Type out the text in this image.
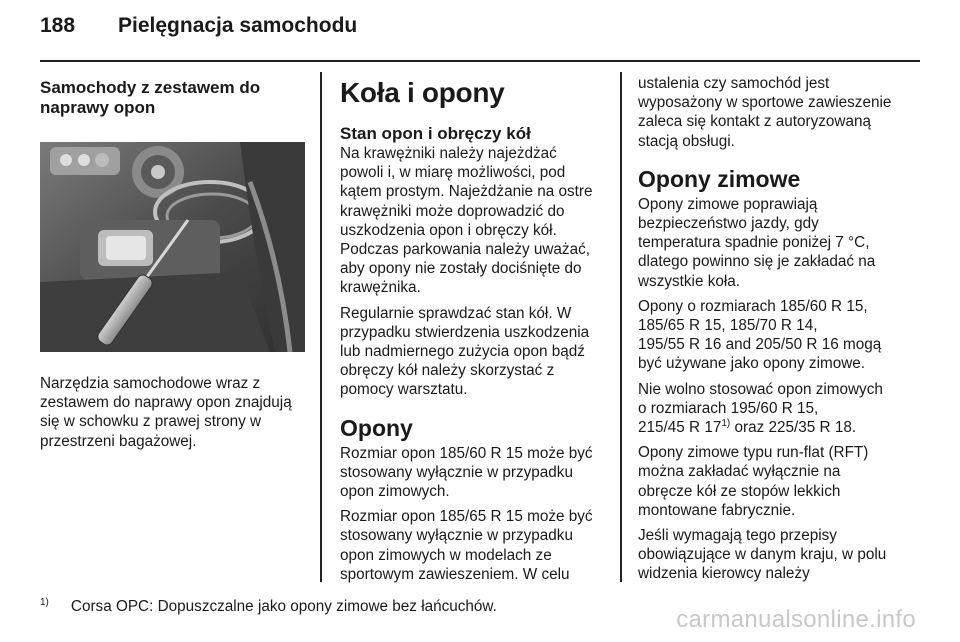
188	Pielęgnacja samochodu
Samochody z zestawem do
naprawy opon

Narzędzia samochodowe wraz z
zestawem do naprawy opon znajdują
się w schowku z prawej strony w
przestrzeni bagażowej.

Koła i opony
Stan opon i obręczy kół

Na krawężniki należy najeżdżać
powoli i, w miarę możliwości, pod
kątem prostym. Najeżdżanie na ostre
krawężniki może doprowadzić do
uszkodzenia opon i obręczy kół.
Podczas parkowania należy uważać,
aby opony nie zostały dociśnięte do
krawężnika.

Regularnie sprawdzać stan kół. W
przypadku stwierdzenia uszkodzenia
lub nadmiernego zużycia opon bądź
obręczy kół należy skorzystać z
pomocy warsztatu.

Opony

Rozmiar opon 185/60 R 15 może być
stosowany wyłącznie w przypadku
opon zimowych.

Rozmiar opon 185/65 R 15 może być
stosowany wyłącznie w przypadku
opon zimowych w modelach ze
sportowym zawieszeniem. W celu

ustalenia czy samochód jest
wyposażony w sportowe zawieszenie
zaleca się kontakt z autoryzowaną
stacją obsługi.

Opony zimowe

Opony zimowe poprawiają
bezpieczeństwo jazdy, gdy
temperatura spadnie poniżej 7 °C,
dlatego powinno się je zakładać na
wszystkie koła.

Opony o rozmiarach 185/60 R 15,
185/65 R 15, 185/70 R 14,
195/55 R 16 and 205/50 R 16 mogą
być używane jako opony zimowe.

Nie wolno stosować opon zimowych
o rozmiarach 195/60 R 15,
215/45 R 17$^{1)}$ oraz 225/35 R 18.

Opony zimowe typu run-flat (RFT)
można zakładać wyłącznie na
obręcze kół ze stopów lekkich
montowane fabrycznie.

Jeśli wymagają tego przepisy
obowiązujące w danym kraju, w polu
widzenia kierowcy należy

$^{1)}$ Corsa OPC: Dopuszczalne jako opony zimowe bez łańcuchów.	carmanualsonline.info
